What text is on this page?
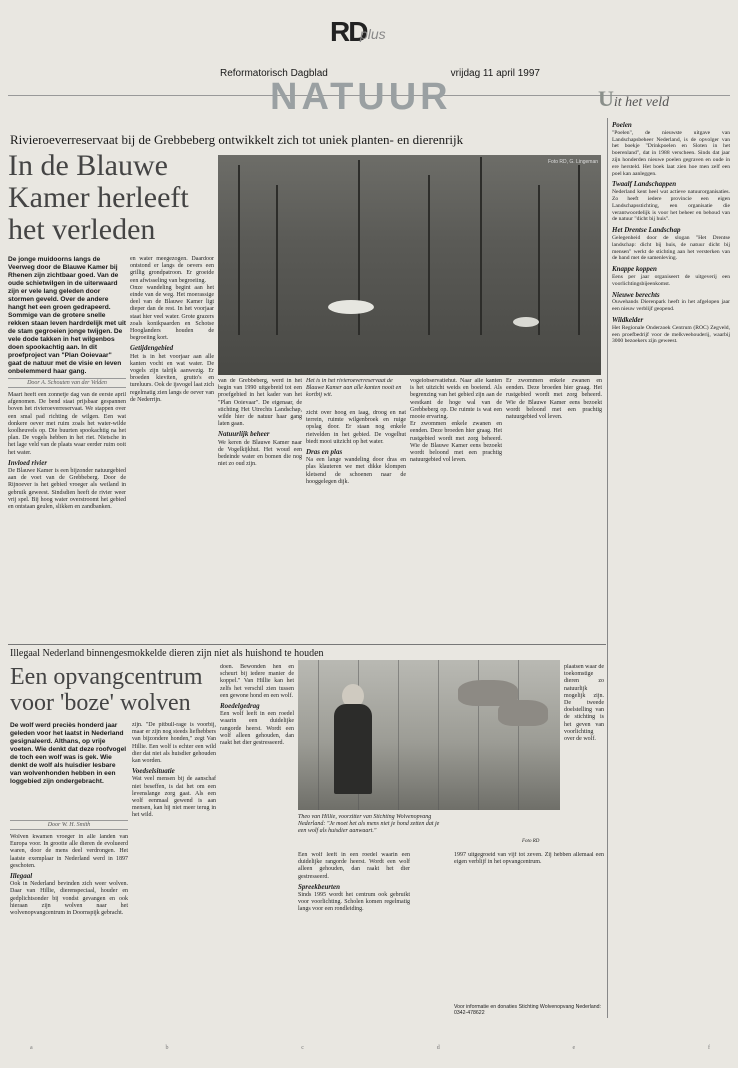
RD
plus
Reformatorisch Dagblad	vrijdag 11 april 1997
NATUUR	Uit het veld
Rivieroeverreservaat bij de Grebbeberg ontwikkelt zich tot uniek planten- en dierenrijk
In de Blauwe Kamer herleeft het verleden
Foto RD, G. Lingeman
De jonge muidoorns langs de Veerweg door de Blauwe Kamer bij Rhenen zijn zichtbaar goed. Van de oude schietwilgen in de uiterwaard zijn er vele lang geleden door stormen geveld. Over de andere hangt het een groen gedrapeerd. Sommige van de grotere snelle rekken staan leven hardrdelijk met uit de stam gegroeien jonge twijgen. De vele dode takken in het wilgenbos doen spookachtig aan. In dit proefproject van "Plan Ooievaar" gaat de natuur met de visie en leven onbelemmerd haar gang.
Door A. Schouten van der Velden
Maart heeft een zonnetje dag van de eerste april afgenomen. De bend staat prijsbaar gespannen boven het rivieroeverreservaat. We stappen over een smal pad richting de wilgen. Een wat donkere oever met ruim zoals het water-wilde koolheuvels op. Die buurten spookachtig na het plan. De vogels hebben in het riet. Nietsche in het lage veld van de plaats waar eerder ruim ooit het water.
Invloed rivier
De Blauwe Kamer is een bijzonder natuurgebied aan de voet van de Grebbeberg. Door de Rijnoever is het gebied vroeger als weiland in gebruik geweest. Sindsdien heeft de rivier weer vrij spel. Bij hoog water overstroomt het gebied en ontstaan geulen, slikken en zandbanken.
en water meegezogen. Daardoor ontstond er langs de oevers een grillig grondpatroon. Er groeide een afwisseling van begroeiing.
Onze wandeling begint aan het einde van de weg. Het moerassige deel van de Blauwe Kamer ligt dieper dan de rest. In het voorjaar staat hier veel water. Grote grazers zoals konikpaarden en Schotse Hooglanders houden de begroeiing kort.
Getijdengebied
Het is in het voorjaar aan alle kanten vocht en wat water. De vogels zijn talrijk aanwezig. Er broeden kieviten, grutto's en tureluurs. Ook de ijsvogel laat zich regelmatig zien langs de oever van de Nederrijn.
van de Grebbeberg, werd in het begin van 1990 uitgebreid tot een proefgebied in het kader van het "Plan Ooievaar". De eigenaar, de stichting Het Utrechts Landschap, wilde hier de natuur haar gang laten gaan.
Natuurlijk beheer
We keren de Blauwe Kamer naar de Vogelkijkhut. Het woud een bedeinde water en bomen die nog niet zo oud zijn.
Het is in het rivieroeverreservaat de Blauwe Kamer aan alle kanten nooit en kortbij wit.
zicht over hoog en laag, droog en nat terrein, ruimte wilgenbroek en ruige opslag door. Er staan nog enkele rietvelden in het gebied. De vogelhut biedt mooi uitzicht op het water.
Dras en plas
Na een lange wandeling door dras en plas klauteren we met dikke klompen kletsend de schoenen naar de hooggelegen dijk.
vogelobservatiehut. Naar alle kanten is het uitzicht weids en boeiend. Als begrenzing van het gebied zijn aan de westkant de hoge wal van de Grebbeberg op. De ruimte is wat een mooie ervaring.
Er zwommen enkele zwanen en eenden. Deze broeden hier graag. Het rustgebied wordt met zorg beheerd. Wie de Blauwe Kamer eens bezoekt wordt beloond met een prachtig natuurgebied vol leven.
Er zwommen enkele zwanen en eenden. Deze broeden hier graag. Het rustgebied wordt met zorg beheerd. Wie de Blauwe Kamer eens bezoekt wordt beloond met een prachtig natuurgebied vol leven.
Poelen
"Poelen", de nieuwste uitgave van Landschapsbeheer Nederland, is de opvolger van het boekje "Drinkpoelen en Sloten in het boerenland", dat in 1988 verscheen. Sinds dat jaar zijn honderden nieuwe poelen gegraven en oude in ere hersteld. Het boek laat zien hoe men zelf een poel kan aanleggen.
Twaalf Landschappen
Nederland kent heel wat actieve natuurorganisaties. Zo heeft iedere provincie een eigen Landschapsstichting, een organisatie die verantwoordelijk is voor het beheer en behoud van de natuur "dicht bij huis".
Het Drentse Landschap
Gelegenheid door de slogan "Het Drentse landschap: dicht bij huis, de natuur dicht bij mensen" werkt de stichting aan het versterken van de band met de samenleving.
Knappe koppen
Eens per jaar organiseert de uitgeverij een voorlichtingsbijeenkomst.
Nieuwe berechts
Ouwehands Dierenpark heeft in het afgelopen jaar een nieuw verblijf geopend.
Wildkelder
Het Regionale Onderzoek Centrum (ROC) Zegveld, een proefbedrijf voor de melkveehouderij, waarbij 3000 bezoekers zijn geweest.
Illegaal Nederland binnengesmokkelde dieren zijn niet als huishond te houden
Een opvangcentrum voor 'boze' wolven
De wolf werd preciès honderd jaar geleden voor het laatst in Nederland gesignaleerd. Althans, op vrije voeten. Wie denkt dat deze roofvogel de toch een wolf was is gek. Wie denkt de wolf als huisdier lesbare van wolvenhonden hebben in een loggebied zijn ondergebracht.
Door W. H. Smith
Wolven kwamen vroeger in alle landen van Europa voor. In grootte alle dieren de evolueerd waren, door de mens deel verdrongen. Het laatste exemplaar in Nederland werd in 1897 geschoten.
Illegaal
Ook in Nederland bevinden zich weer wolven. Daar van Hillie, dierenspeciaal, houder en gedplichtsonder bij vondst gevangen en ook hieraan zijn wolven naar het wolvenopvangcentrum in Doornspijk gebracht.
zijn. "De pitbull-rage is voorbij, maar er zijn nog steeds liefhebbers van bijzondere honden," zegt Van Hillie. Een wolf is echter een wild dier dat niet als huisdier gehouden kan worden.
Voedselsituatie
Wat veel mensen bij de aanschaf niet beseffen, is dat het om een levenslange zorg gaat. Als een wolf eenmaal gewend is aan mensen, kan hij niet meer terug in het wild.
doen. Bewonden hen en scheurt bij iedere manier de koppel." Van Hillie kan het zelfs het verschil zien tussen een gewone hond en een wolf.
Roedelgedrag
Een wolf leeft in een roedel waarin een duidelijke rangorde heerst. Wordt een wolf alleen gehouden, dan raakt het dier gestresseerd.
Theo van Hillie, voorzitter van Stichting Wolvenopvang Nederland: "Je moet het als mens niet je hond zetten dat je een wolf als huisdier aanwaart."
Foto RD
Een wolf leeft in een roedel waarin een duidelijke rangorde heerst. Wordt een wolf alleen gehouden, dan raakt het dier gestresseerd.
Spreekbeurten
Sinds 1995 wordt het centrum ook gebruikt voor voorlichting. Scholen komen regelmatig langs voor een rondleiding.
plaatsen waar de toekomstige dieren zo natuurlijk mogelijk zijn. De tweede doelstelling van de stichting is het geven van voorlichting over de wolf.
1997 uitgegroeid van vijf tot zeven. Zij hebben allemaal een eigen verblijf in het opvangcentrum.
Voor informatie en donaties Stichting Wolvenopvang Nederland: 0342-478622
a	b	c	d	e	f
